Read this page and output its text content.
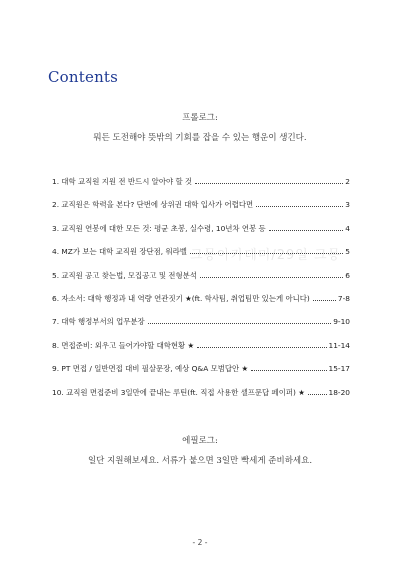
Contents
프롤로그:
뭐든 도전해야 뜻밖의 기회를 잡을 수 있는 행운이 생긴다.
크몽아카데미/29일 크몽
1. 대학 교직원 지원 전 반드시 알아야 할 것	2
2. 교직원은 학력을 본다? 단번에 상위권 대학 입사가 어렵다면	3
3. 교직원 연봉에 대한 모든 것: 평균 초봉, 실수령, 10년차 연봉 등	4
4. MZ가 보는 대학 교직원 장단점, 워라벨	5
5. 교직원 공고 찾는법, 모집공고 및 전형분석	6
6. 자소서: 대학 행정과 내 역량 연관짓기 ★(ft. 학사팀, 취업팀만 있는게 아니다)	7-8
7. 대학 행정부서의 업무분장	9-10
8. 면접준비: 외우고 들어가야할 대학현황 ★	11-14
9. PT 면접 / 일반면접 대비 필살문장, 예상 Q&A 모범답안 ★	15-17
10. 교직원 면접준비 3일만에 끝내는 루틴(ft. 직접 사용한 셀프문답 페이퍼) ★	18-20
에필로그:
일단 지원해보세요. 서류가 붙으면 3일만 빡세게 준비하세요.
- 2 -
